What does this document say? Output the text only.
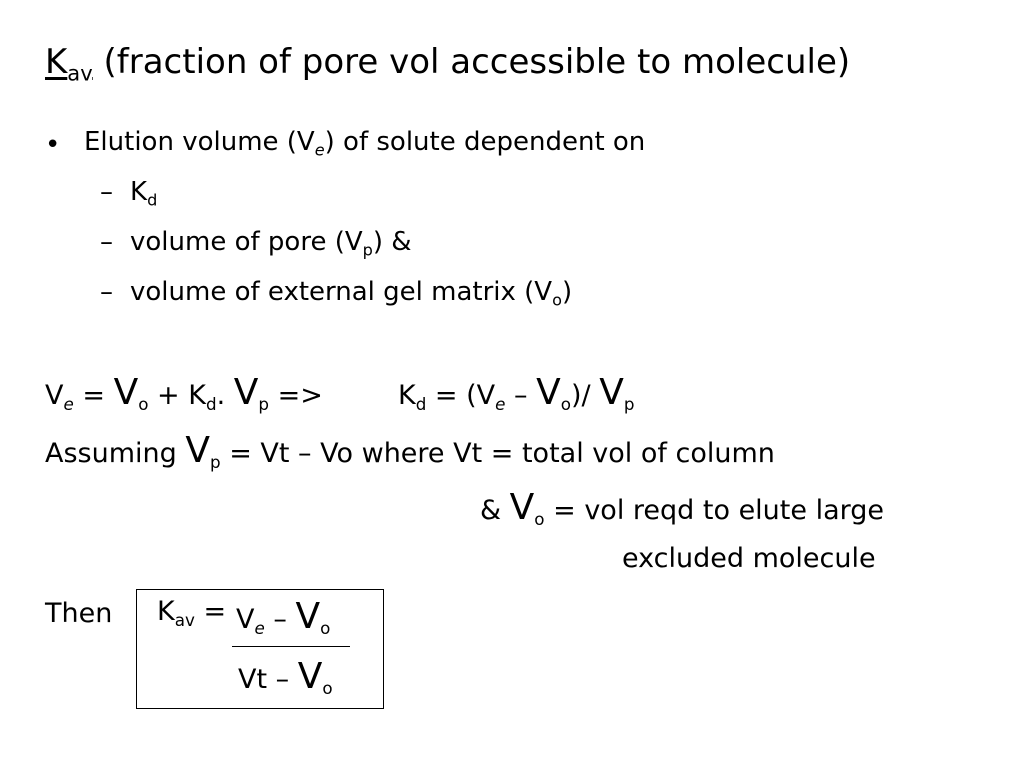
$K_{av}$ (fraction of pore vol accessible to molecule)
• Elution volume $(V_e)$ of solute dependent on
– $K_d$
– volume of pore $(V_p)$ &
– volume of external gel matrix $(V_o)$
$V_e = V_o + K_d$. $V_p$ =>	$K_d = (V_e - V_o)/$ $V_p$
Assuming $V_p = Vt - Vo$ where Vt = total vol of column
& $V_o$ = vol reqd to elute large
excluded molecule
Then $K_{av} = V_e - V_o$
Vt – $V_o$
